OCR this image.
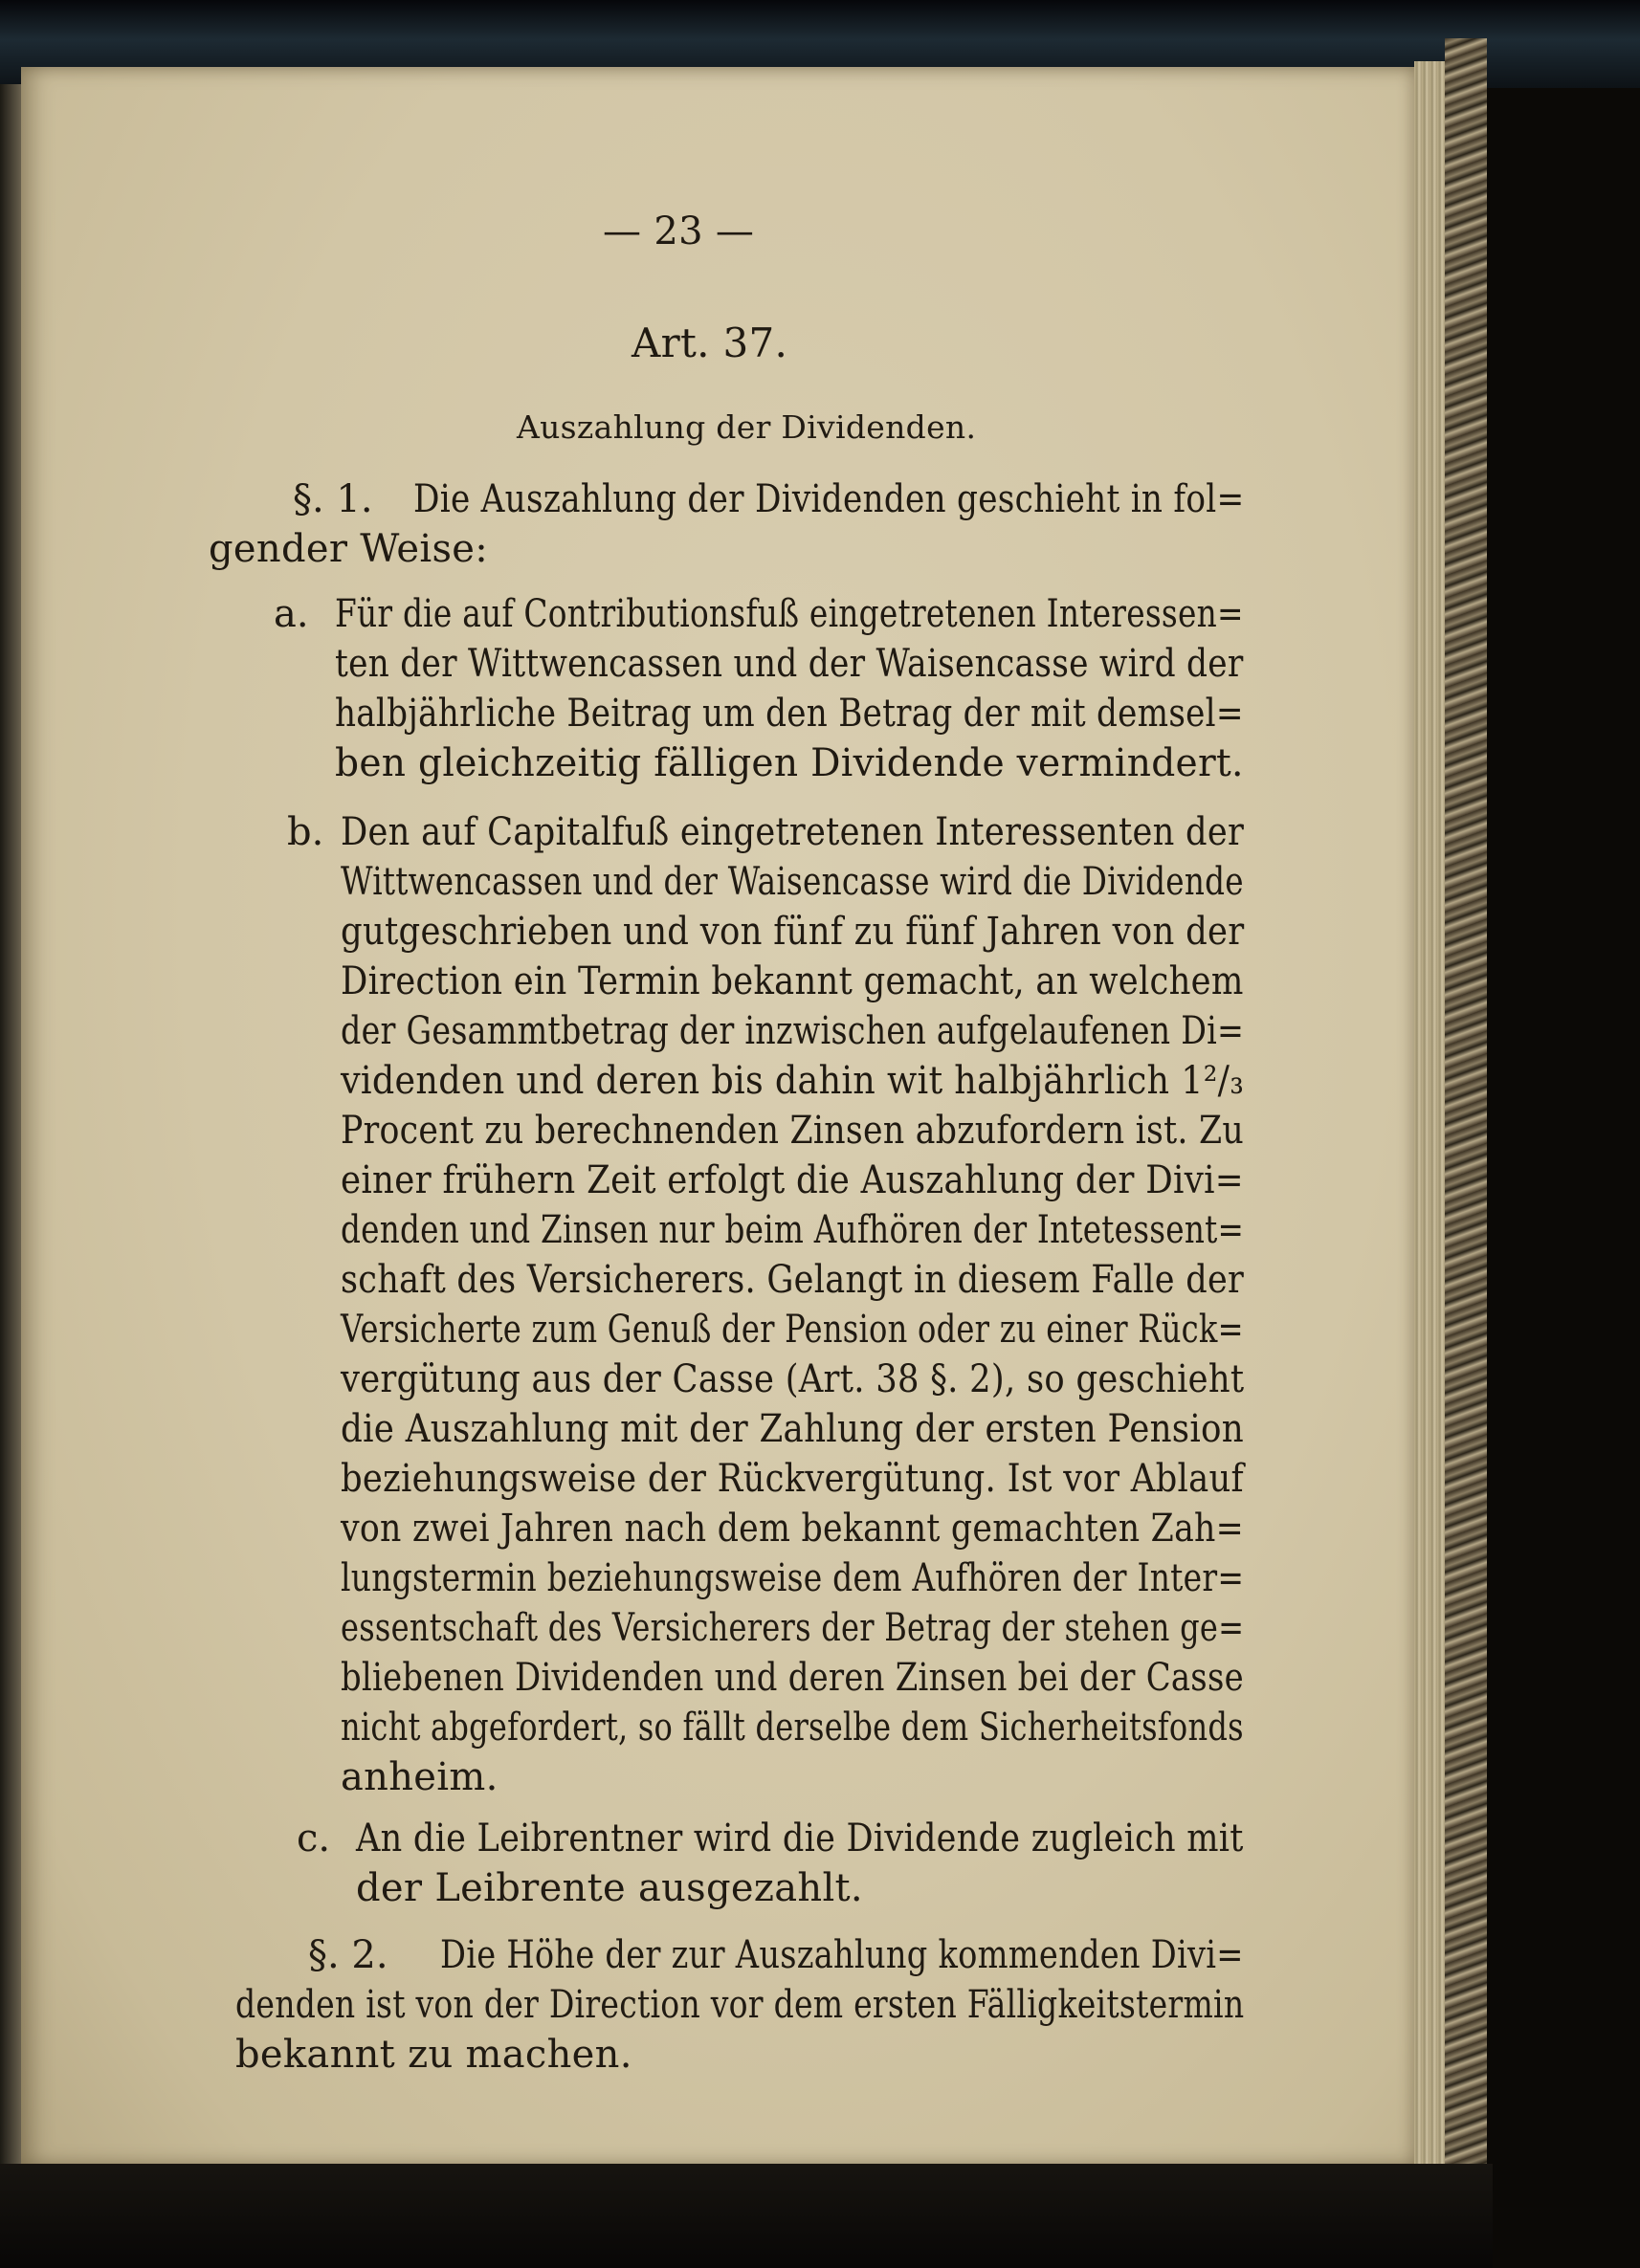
— 23 —
Art. 37.
Auszahlung der Dividenden.
§. 1. Die Auszahlung der Dividenden geschieht in fol=
gender Weise:
a. Für die auf Contributionsfuß eingetretenen Interessen=
ten der Wittwencassen und der Waisencasse wird der
halbjährliche Beitrag um den Betrag der mit demsel=
ben gleichzeitig fälligen Dividende vermindert.
b. Den auf Capitalfuß eingetretenen Interessenten der
Wittwencassen und der Waisencasse wird die Dividende
gutgeschrieben und von fünf zu fünf Jahren von der
Direction ein Termin bekannt gemacht, an welchem
der Gesammtbetrag der inzwischen aufgelaufenen Di=
videnden und deren bis dahin wit halbjährlich 1²/₃
Procent zu berechnenden Zinsen abzufordern ist. Zu
einer frühern Zeit erfolgt die Auszahlung der Divi=
denden und Zinsen nur beim Aufhören der Intetessent=
schaft des Versicherers. Gelangt in diesem Falle der
Versicherte zum Genuß der Pension oder zu einer Rück=
vergütung aus der Casse (Art. 38 §. 2), so geschieht
die Auszahlung mit der Zahlung der ersten Pension
beziehungsweise der Rückvergütung. Ist vor Ablauf
von zwei Jahren nach dem bekannt gemachten Zah=
lungstermin beziehungsweise dem Aufhören der Inter=
essentschaft des Versicherers der Betrag der stehen ge=
bliebenen Dividenden und deren Zinsen bei der Casse
nicht abgefordert, so fällt derselbe dem Sicherheitsfonds
anheim.
c. An die Leibrentner wird die Dividende zugleich mit
der Leibrente ausgezahlt.
§. 2. Die Höhe der zur Auszahlung kommenden Divi=
denden ist von der Direction vor dem ersten Fälligkeitstermin
bekannt zu machen.
